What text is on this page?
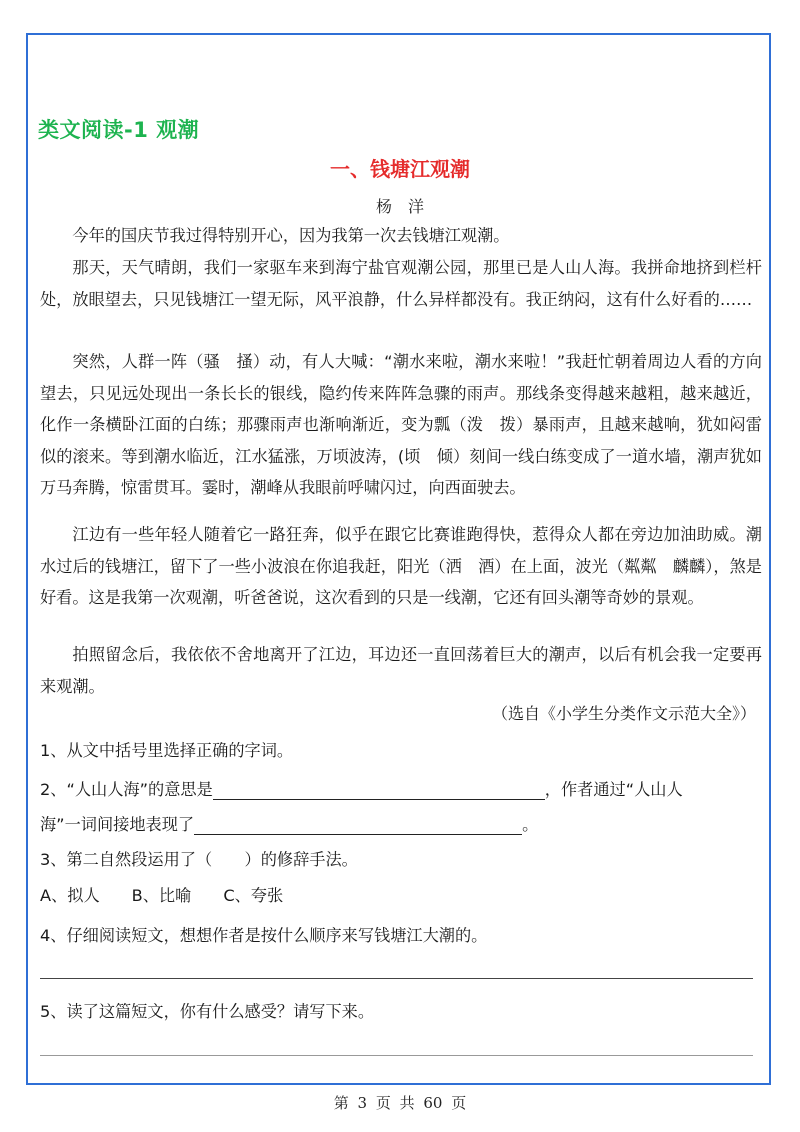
类文阅读-1 观潮
一、钱塘江观潮
杨　洋

今年的国庆节我过得特别开心，因为我第一次去钱塘江观潮。

那天，天气晴朗，我们一家驱车来到海宁盐官观潮公园，那里已是人山人海。我拼命地挤到栏杆处，放眼望去，只见钱塘江一望无际，风平浪静，什么异样都没有。我正纳闷，这有什么好看的……

突然，人群一阵（骚　搔）动，有人大喊：“潮水来啦，潮水来啦！”我赶忙朝着周边人看的方向望去，只见远处现出一条长长的银线，隐约传来阵阵急骤的雨声。那线条变得越来越粗，越来越近，化作一条横卧江面的白练；那骤雨声也渐响渐近，变为瓢（泼　拨）暴雨声，且越来越响，犹如闷雷似的滚来。等到潮水临近，江水猛涨，万顷波涛，(顷　倾）刻间一线白练变成了一道水墙，潮声犹如万马奔腾，惊雷贯耳。霎时，潮峰从我眼前呼啸闪过，向西面驶去。

江边有一些年轻人随着它一路狂奔，似乎在跟它比赛谁跑得快，惹得众人都在旁边加油助威。潮水过后的钱塘江，留下了一些小波浪在你追我赶，阳光（洒　酒）在上面，波光（粼粼　麟麟），煞是好看。这是我第一次观潮，听爸爸说，这次看到的只是一线潮，它还有回头潮等奇妙的景观。

拍照留念后，我依依不舍地离开了江边，耳边还一直回荡着巨大的潮声，以后有机会我一定要再来观潮。

（选自《小学生分类作文示范大全》）
1、从文中括号里选择正确的字词。
2、“人山人海”的意思是	，作者通过“人山人
海”一词间接地表现了	。
3、第二自然段运用了（　　）的修辞手法。
A、拟人 B、比喻 C、夸张
4、仔细阅读短文，想想作者是按什么顺序来写钱塘江大潮的。
5、读了这篇短文，你有什么感受？请写下来。
第 3 页 共 60 页
